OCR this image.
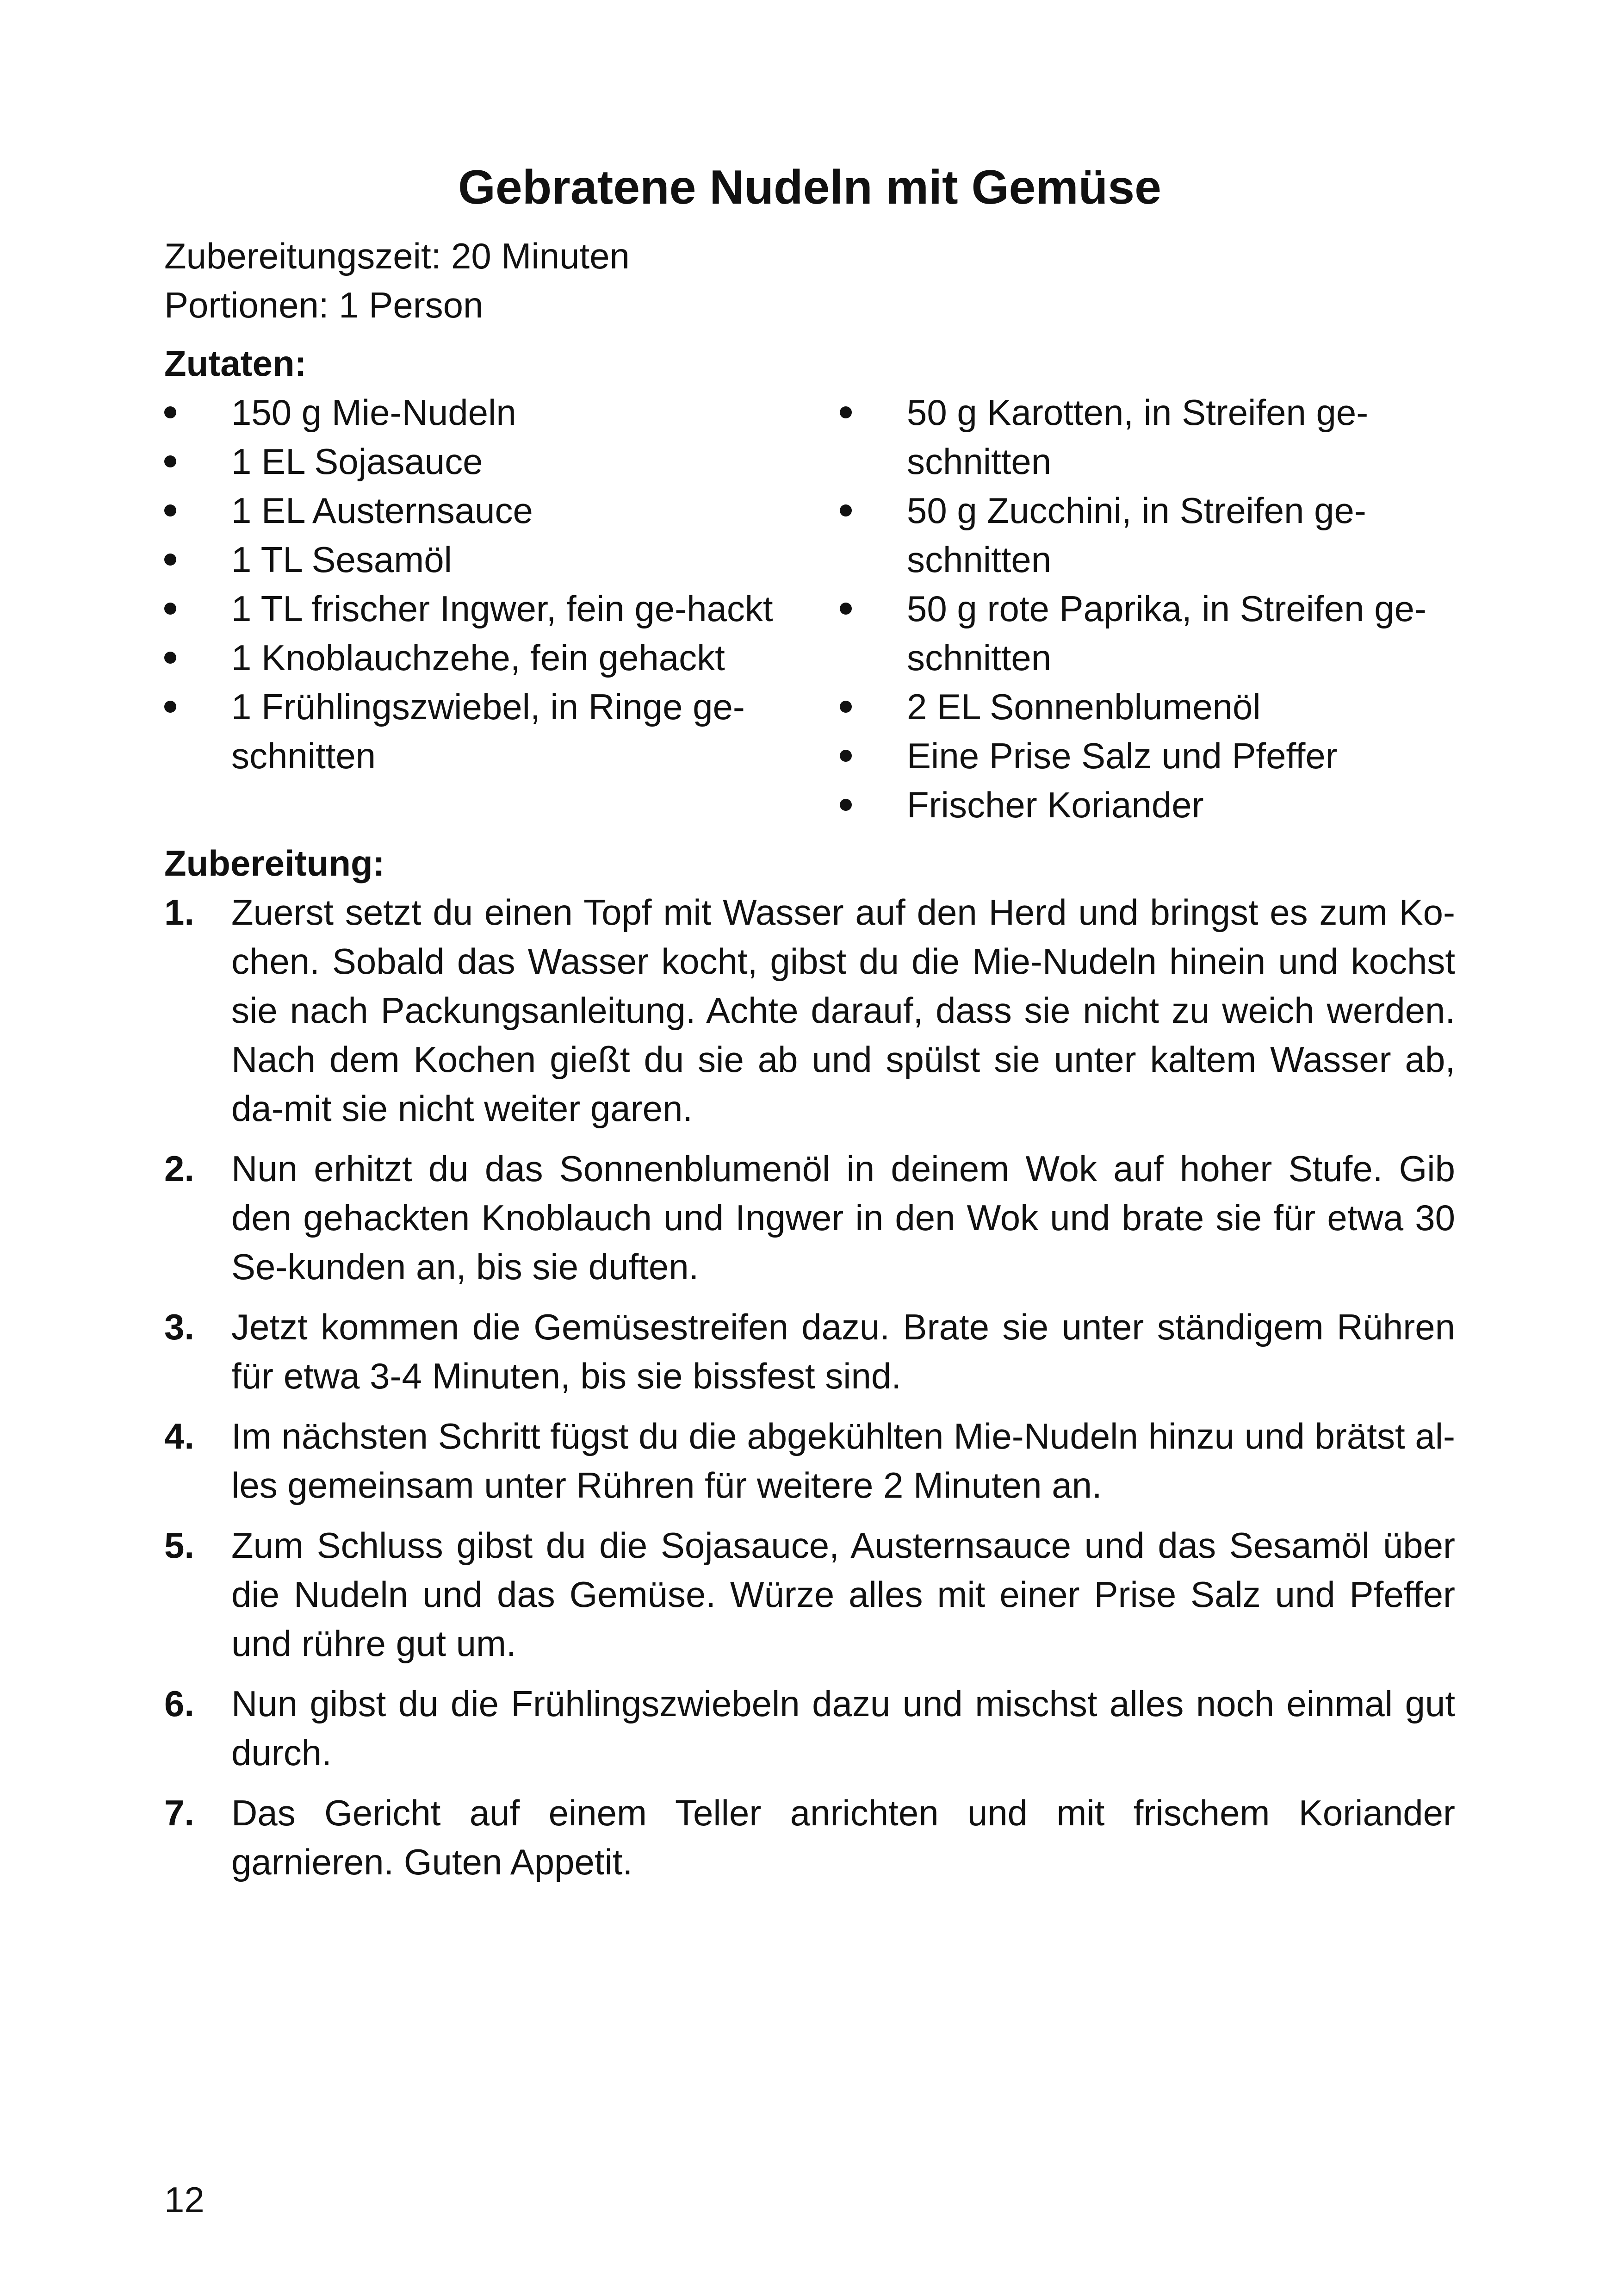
Gebratene Nudeln mit Gemüse

Zubereitungszeit: 20 Minuten

Portionen: 1 Person

Zutaten:
150 g Mie-Nudeln
1 EL Sojasauce
1 EL Austernsauce
1 TL Sesamöl
1 TL frischer Ingwer, fein ge-hackt
1 Knoblauchzehe, fein gehackt
1 Frühlingszwiebel, in Ringe ge-schnitten
50 g Karotten, in Streifen ge-schnitten
50 g Zucchini, in Streifen ge-schnitten
50 g rote Paprika, in Streifen ge-schnitten
2 EL Sonnenblumenöl
Eine Prise Salz und Pfeffer
Frischer Koriander
Zubereitung:
1. Zuerst setzt du einen Topf mit Wasser auf den Herd und bringst es zum Ko-chen. Sobald das Wasser kocht, gibst du die Mie-Nudeln hinein und kochst sie nach Packungsanleitung. Achte darauf, dass sie nicht zu weich werden. Nach dem Kochen gießt du sie ab und spülst sie unter kaltem Wasser ab, da-mit sie nicht weiter garen.
2. Nun erhitzt du das Sonnenblumenöl in deinem Wok auf hoher Stufe. Gib den gehackten Knoblauch und Ingwer in den Wok und brate sie für etwa 30 Se-kunden an, bis sie duften.
3. Jetzt kommen die Gemüsestreifen dazu. Brate sie unter ständigem Rühren für etwa 3-4 Minuten, bis sie bissfest sind.
4. Im nächsten Schritt fügst du die abgekühlten Mie-Nudeln hinzu und brätst al-les gemeinsam unter Rühren für weitere 2 Minuten an.
5. Zum Schluss gibst du die Sojasauce, Austernsauce und das Sesamöl über die Nudeln und das Gemüse. Würze alles mit einer Prise Salz und Pfeffer und rühre gut um.
6. Nun gibst du die Frühlingszwiebeln dazu und mischst alles noch einmal gut durch.
7. Das Gericht auf einem Teller anrichten und mit frischem Koriander garnieren. Guten Appetit.
12
